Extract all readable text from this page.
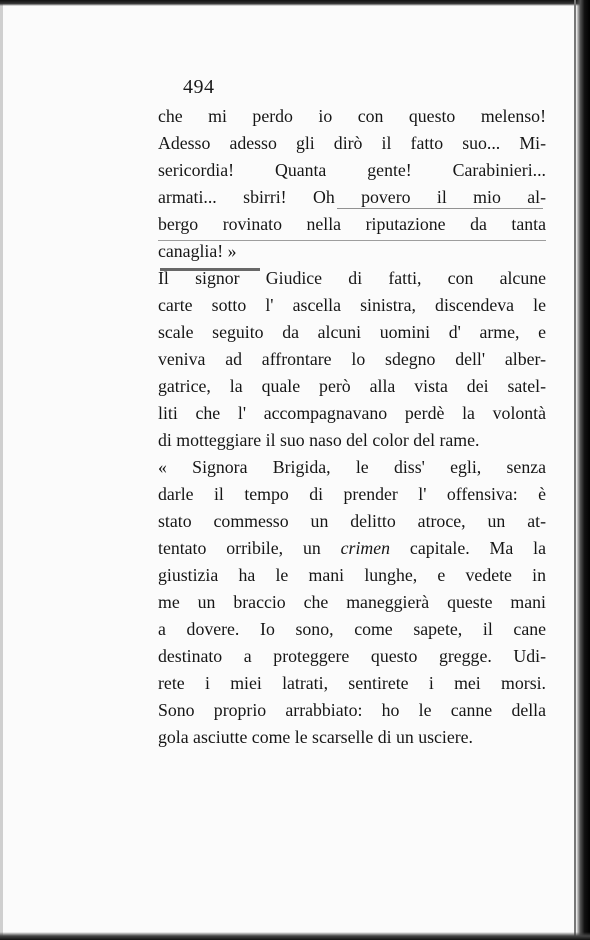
494
che mi perdo io con questo melenso!
Adesso adesso gli dirò il fatto suo... Mi-
sericordia! Quanta gente! Carabinieri...
armati... sbirri! Oh povero il mio al-
bergo rovinato nella riputazione da tanta
canaglia! »
Il signor Giudice di fatti, con alcune
carte sotto l' ascella sinistra, discendeva le
scale seguito da alcuni uomini d' arme, e
veniva ad affrontare lo sdegno dell' alber-
gatrice, la quale però alla vista dei satel-
liti che l' accompagnavano perdè la volontà
di motteggiare il suo naso del color del rame.
« Signora Brigida, le diss' egli, senza
darle il tempo di prender l' offensiva: è
stato commesso un delitto atroce, un at-
tentato orribile, un crimen capitale. Ma la
giustizia ha le mani lunghe, e vedete in
me un braccio che maneggierà queste mani
a dovere. Io sono, come sapete, il cane
destinato a proteggere questo gregge. Udi-
rete i miei latrati, sentirete i mei morsi.
Sono proprio arrabbiato: ho le canne della
gola asciutte come le scarselle di un usciere.
